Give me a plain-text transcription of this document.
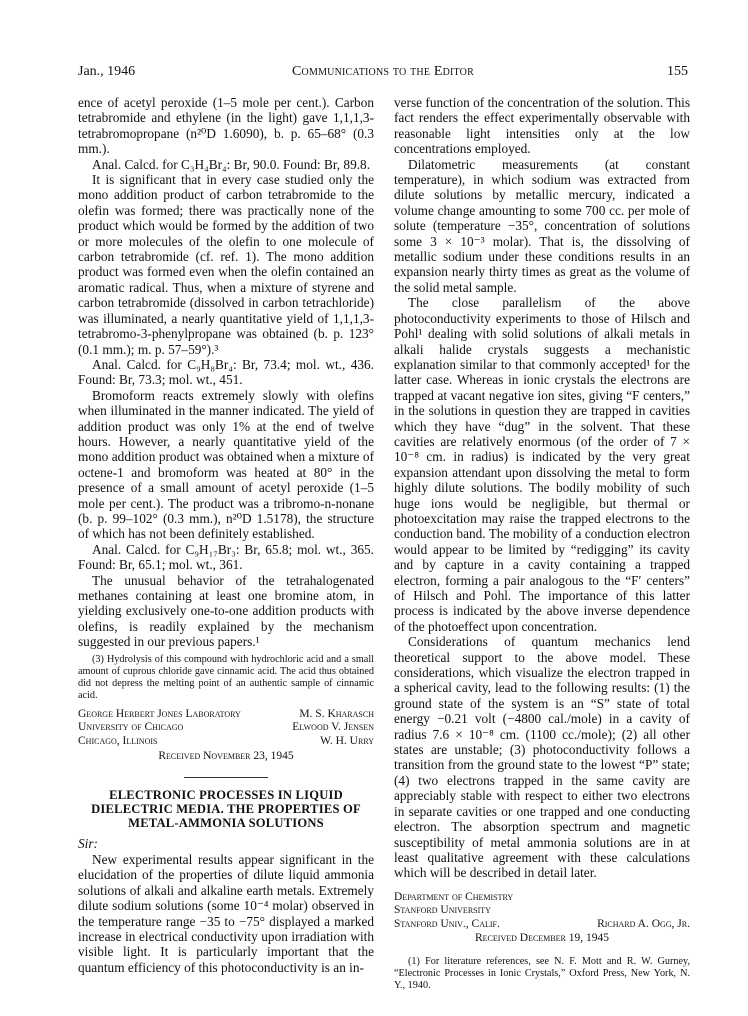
Jan., 1946	Communications to the Editor	155

ence of acetyl peroxide (1–5 mole per cent.). Carbon tetrabromide and ethylene (in the light) gave 1,1,1,3-tetrabromopropane (n²⁰D 1.6090), b. p. 65–68° (0.3 mm.).

Anal. Calcd. for C₃H₄Br₄: Br, 90.0. Found: Br, 89.8.

It is significant that in every case studied only the mono addition product of carbon tetrabromide to the olefin was formed; there was practically none of the product which would be formed by the addition of two or more molecules of the olefin to one molecule of carbon tetrabromide (cf. ref. 1). The mono addition product was formed even when the olefin contained an aromatic radical. Thus, when a mixture of styrene and carbon tetrabromide (dissolved in carbon tetrachloride) was illuminated, a nearly quantitative yield of 1,1,1,3-tetrabromo-3-phenylpropane was obtained (b. p. 123°(0.1 mm.); m. p. 57–59°).³

Anal. Calcd. for C₉H₈Br₄: Br, 73.4; mol. wt., 436. Found: Br, 73.3; mol. wt., 451.

Bromoform reacts extremely slowly with olefins when illuminated in the manner indicated. The yield of addition product was only 1% at the end of twelve hours. However, a nearly quantitative yield of the mono addition product was obtained when a mixture of octene-1 and bromoform was heated at 80° in the presence of a small amount of acetyl peroxide (1–5 mole per cent.). The product was a tribromo-n-nonane (b. p. 99–102° (0.3 mm.), n²⁰D 1.5178), the structure of which has not been definitely established.

Anal. Calcd. for C₉H₁₇Br₃: Br, 65.8; mol. wt., 365. Found: Br, 65.1; mol. wt., 361.

The unusual behavior of the tetrahalogenated methanes containing at least one bromine atom, in yielding exclusively one-to-one addition products with olefins, is readily explained by the mechanism suggested in our previous papers.¹

(3) Hydrolysis of this compound with hydrochloric acid and a small amount of cuprous chloride gave cinnamic acid. The acid thus obtained did not depress the melting point of an authentic sample of cinnamic acid.

George Herbert Jones Laboratory	M. S. Kharasch
University of Chicago	Elwood V. Jensen
Chicago, Illinois	W. H. Urry
Received November 23, 1945
ELECTRONIC PROCESSES IN LIQUID DIELECTRIC MEDIA. THE PROPERTIES OF METAL-AMMONIA SOLUTIONS

Sir:

New experimental results appear significant in the elucidation of the properties of dilute liquid ammonia solutions of alkali and alkaline earth metals. Extremely dilute sodium solutions (some 10⁻⁴ molar) observed in the temperature range −35 to −75° displayed a marked increase in electrical conductivity upon irradiation with visible light. It is particularly important that the quantum efficiency of this photoconductivity is an in-

verse function of the concentration of the solution. This fact renders the effect experimentally observable with reasonable light intensities only at the low concentrations employed.

Dilatometric measurements (at constant temperature), in which sodium was extracted from dilute solutions by metallic mercury, indicated a volume change amounting to some 700 cc. per mole of solute (temperature −35°, concentration of solutions some 3 × 10⁻³ molar). That is, the dissolving of metallic sodium under these conditions results in an expansion nearly thirty times as great as the volume of the solid metal sample.

The close parallelism of the above photoconductivity experiments to those of Hilsch and Pohl¹ dealing with solid solutions of alkali metals in alkali halide crystals suggests a mechanistic explanation similar to that commonly accepted¹ for the latter case. Whereas in ionic crystals the electrons are trapped at vacant negative ion sites, giving “F centers,” in the solutions in question they are trapped in cavities which they have “dug” in the solvent. That these cavities are relatively enormous (of the order of 7 × 10⁻⁸ cm. in radius) is indicated by the very great expansion attendant upon dissolving the metal to form highly dilute solutions. The bodily mobility of such huge ions would be negligible, but thermal or photoexcitation may raise the trapped electrons to the conduction band. The mobility of a conduction electron would appear to be limited by “redigging” its cavity and by capture in a cavity containing a trapped electron, forming a pair analogous to the “F′ centers” of Hilsch and Pohl. The importance of this latter process is indicated by the above inverse dependence of the photoeffect upon concentration.

Considerations of quantum mechanics lend theoretical support to the above model. These considerations, which visualize the electron trapped in a spherical cavity, lead to the following results: (1) the ground state of the system is an “S” state of total energy −0.21 volt (−4800 cal./mole) in a cavity of radius 7.6 × 10⁻⁸ cm. (1100 cc./mole); (2) all other states are unstable; (3) photoconductivity follows a transition from the ground state to the lowest “P” state; (4) two electrons trapped in the same cavity are appreciably stable with respect to either two electrons in separate cavities or one trapped and one conducting electron. The absorption spectrum and magnetic susceptibility of metal ammonia solutions are in at least qualitative agreement with these calculations which will be described in detail later.

Department of Chemistry
Stanford University
Stanford Univ., Calif.	Richard A. Ogg, Jr.
Received December 19, 1945

(1) For literature references, see N. F. Mott and R. W. Gurney, “Electronic Processes in Ionic Crystals,” Oxford Press, New York, N. Y., 1940.
